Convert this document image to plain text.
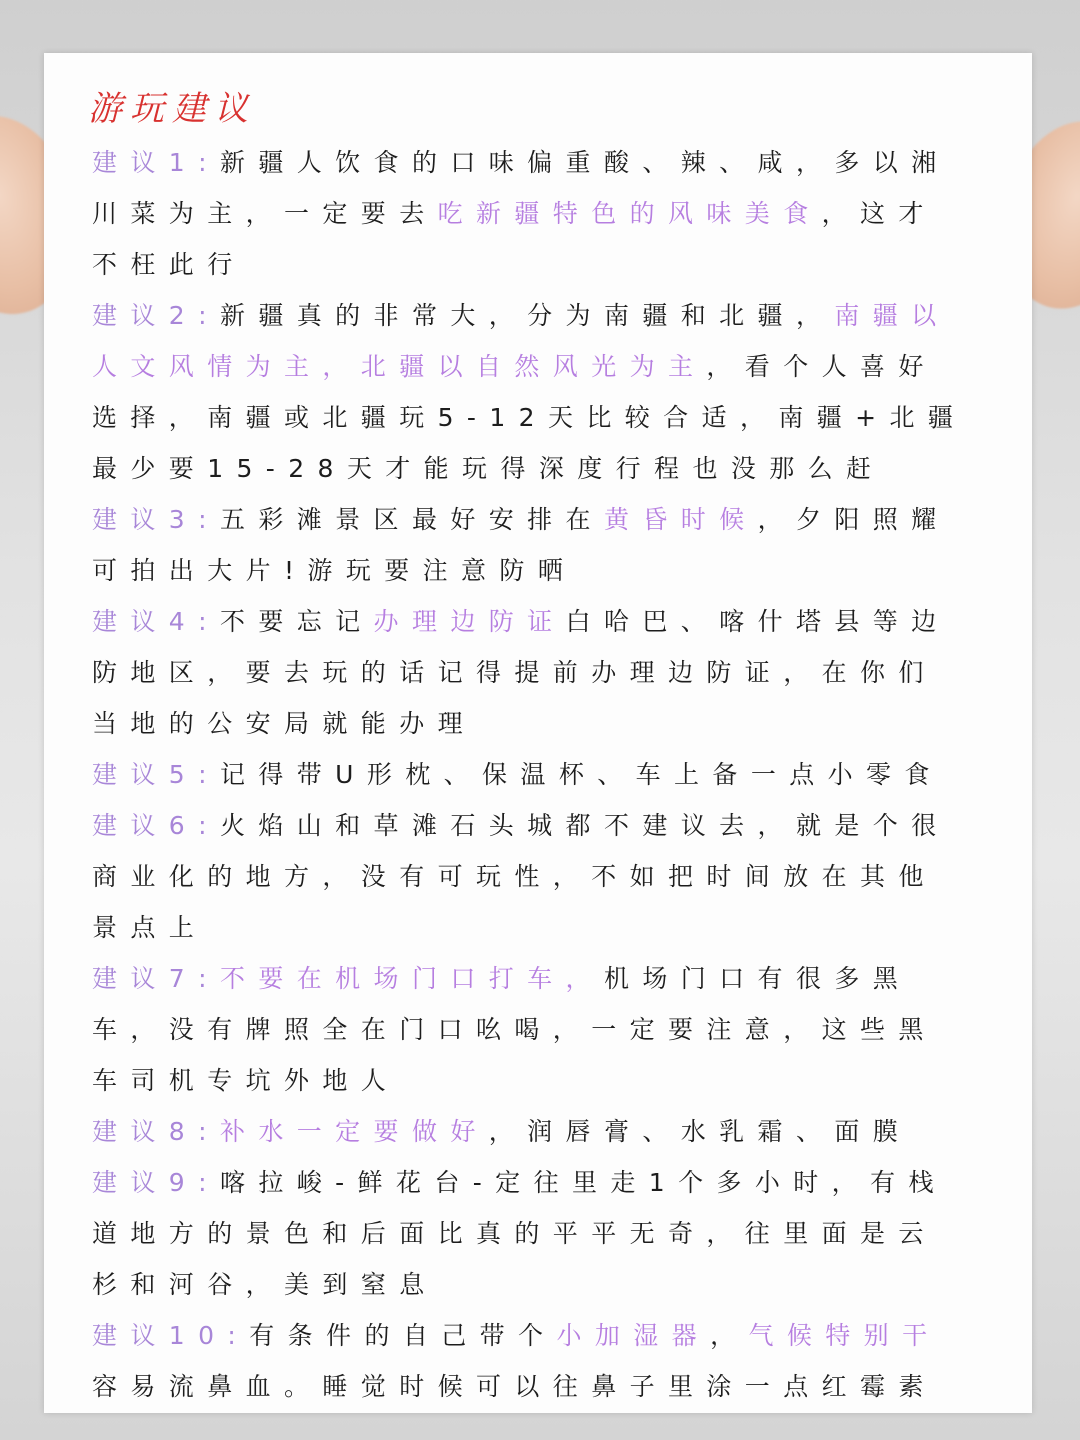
游玩建议

建议1:新疆人饮食的口味偏重酸、辣、咸，多以湘川菜为主，一定要去吃新疆特色的风味美食，这才不枉此行

建议2:新疆真的非常大，分为南疆和北疆，南疆以人文风情为主，北疆以自然风光为主，看个人喜好选择，南疆或北疆玩5-12天比较合适，南疆+北疆最少要15-28天才能玩得深度行程也没那么赶

建议3:五彩滩景区最好安排在黄昏时候，夕阳照耀可拍出大片!游玩要注意防晒

建议4:不要忘记办理边防证白哈巴、喀什塔县等边防地区，要去玩的话记得提前办理边防证，在你们当地的公安局就能办理

建议5:记得带U形枕、保温杯、车上备一点小零食

建议6:火焰山和草滩石头城都不建议去，就是个很商业化的地方，没有可玩性，不如把时间放在其他景点上

建议7:不要在机场门口打车，机场门口有很多黑车，没有牌照全在门口吆喝，一定要注意，这些黑车司机专坑外地人

建议8:补水一定要做好，润唇膏、水乳霜、面膜

建议9:喀拉峻-鲜花台-定往里走1个多小时，有栈道地方的景色和后面比真的平平无奇，往里面是云杉和河谷，美到窒息

建议10:有条件的自己带个小加湿器，气候特别干容易流鼻血。睡觉时候可以往鼻子里涂一点红霉素
